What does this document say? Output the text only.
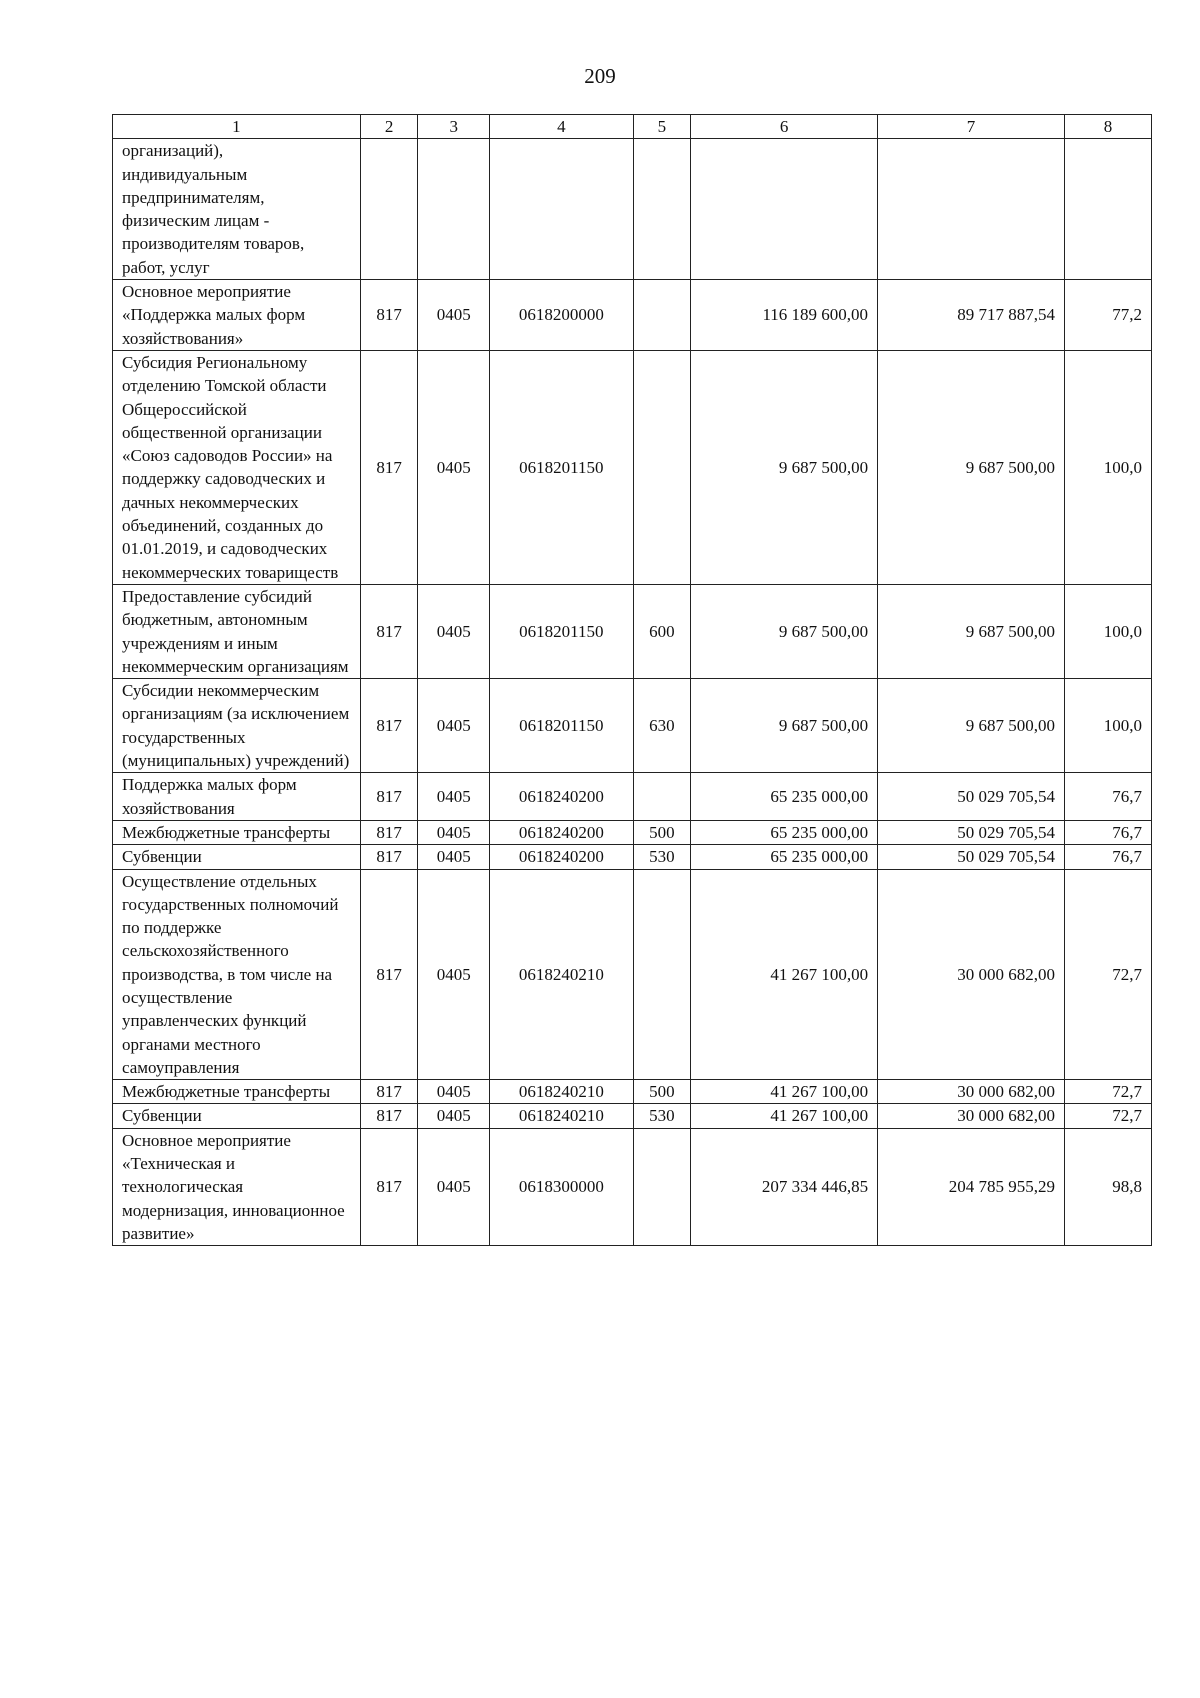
209
1	2	3	4	5	6	7	8
организаций), индивидуальным предпринимателям, физическим лицам - производителям товаров, работ, услуг							
Основное мероприятие «Поддержка малых форм хозяйствования»	817	0405	0618200000		116 189 600,00	89 717 887,54	77,2
Субсидия Региональному отделению Томской области Общероссийской общественной организации «Союз садоводов России» на поддержку садоводческих и дачных некоммерческих объединений, созданных до 01.01.2019, и садоводческих некоммерческих товариществ	817	0405	0618201150		9 687 500,00	9 687 500,00	100,0
Предоставление субсидий бюджетным, автономным учреждениям и иным некоммерческим организациям	817	0405	0618201150	600	9 687 500,00	9 687 500,00	100,0
Субсидии некоммерческим организациям (за исключением государственных (муниципальных) учреждений)	817	0405	0618201150	630	9 687 500,00	9 687 500,00	100,0
Поддержка малых форм хозяйствования	817	0405	0618240200		65 235 000,00	50 029 705,54	76,7
Межбюджетные трансферты	817	0405	0618240200	500	65 235 000,00	50 029 705,54	76,7
Субвенции	817	0405	0618240200	530	65 235 000,00	50 029 705,54	76,7
Осуществление отдельных государственных полномочий по поддержке сельскохозяйственного производства, в том числе на осуществление управленческих функций органами местного самоуправления	817	0405	0618240210		41 267 100,00	30 000 682,00	72,7
Межбюджетные трансферты	817	0405	0618240210	500	41 267 100,00	30 000 682,00	72,7
Субвенции	817	0405	0618240210	530	41 267 100,00	30 000 682,00	72,7
Основное мероприятие «Техническая и технологическая модернизация, инновационное развитие»	817	0405	0618300000		207 334 446,85	204 785 955,29	98,8
